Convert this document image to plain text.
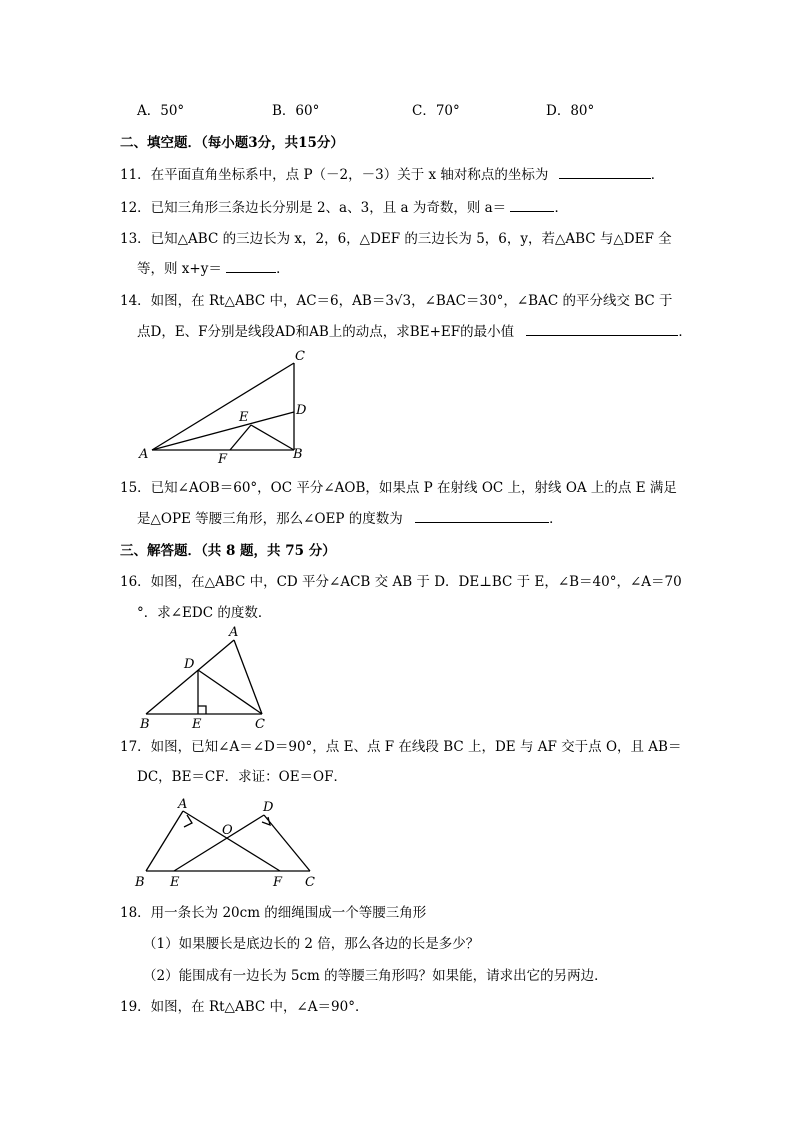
A．50°	B．60°	C．70°	D．80°
二、填空题．（每小题3分，共15分）
11．在平面直角坐标系中，点 P（－2，－3）关于 x 轴对称点的坐标为	．
12．已知三角形三条边长分别是 2、a、3，且 a 为奇数，则 a＝	．
13．已知△ABC 的三边长为 x，2，6，△DEF 的三边长为 5，6，y，若△ABC 与△DEF 全
等，则 x+y＝	．
14．如图，在 Rt△ABC 中，AC＝6，AB＝3√3，∠BAC＝30°，∠BAC 的平分线交 BC 于
点D，E、F分别是线段AD和AB上的动点，求BE+EF的最小值	．
A	B
C
D
E
F
15．已知∠AOB＝60°，OC 平分∠AOB，如果点 P 在射线 OC 上，射线 OA 上的点 E 满足
是△OPE 等腰三角形，那么∠OEP 的度数为	．
三、解答题．（共 8 题，共 75 分）
16．如图，在△ABC 中，CD 平分∠ACB 交 AB 于 D．DE⊥BC 于 E，∠B＝40°，∠A＝70
°．求∠EDC 的度数．
A
B	C
D
E
17．如图，已知∠A＝∠D＝90°，点 E、点 F 在线段 BC 上，DE 与 AF 交于点 O，且 AB＝
DC，BE＝CF．求证：OE＝OF．
A
B	C
D
E	F
O
18．用一条长为 20cm 的细绳围成一个等腰三角形
（1）如果腰长是底边长的 2 倍，那么各边的长是多少？
（2）能围成有一边长为 5cm 的等腰三角形吗？如果能，请求出它的另两边．
19．如图，在 Rt△ABC 中，∠A＝90°．
